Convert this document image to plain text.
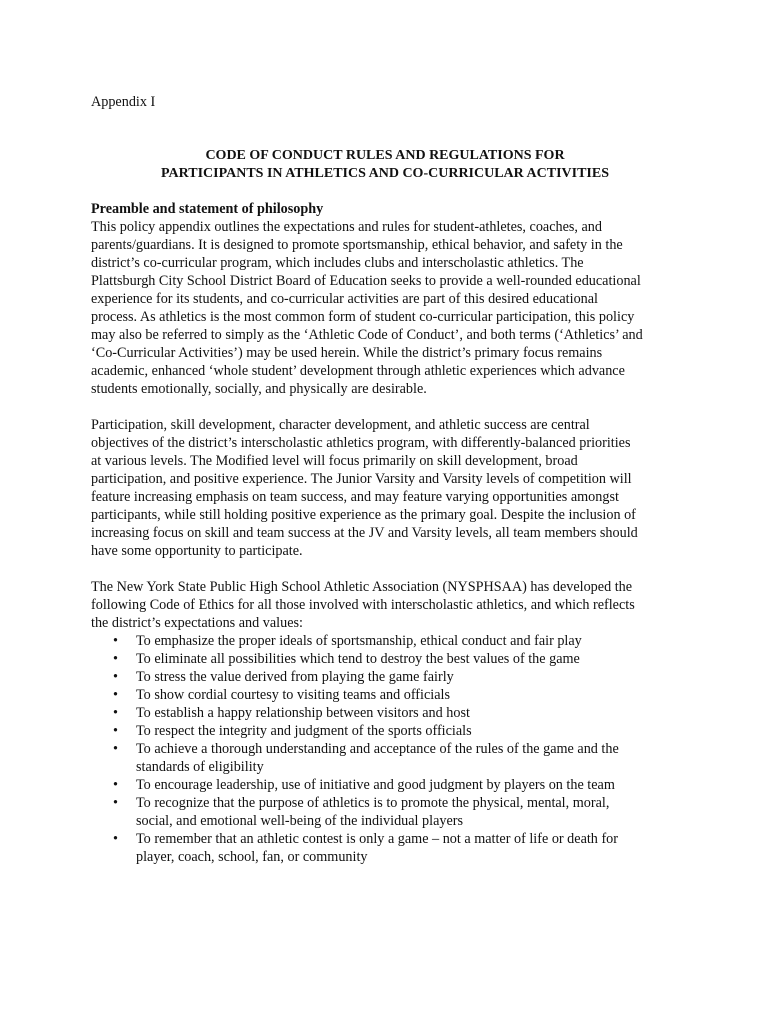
Appendix I
CODE OF CONDUCT RULES AND REGULATIONS FOR
PARTICIPANTS IN ATHLETICS AND CO-CURRICULAR ACTIVITIES
Preamble and statement of philosophy

This policy appendix outlines the expectations and rules for student-athletes, coaches, and
parents/guardians. It is designed to promote sportsmanship, ethical behavior, and safety in the
district’s co-curricular program, which includes clubs and interscholastic athletics. The
Plattsburgh City School District Board of Education seeks to provide a well-rounded educational
experience for its students, and co-curricular activities are part of this desired educational
process. As athletics is the most common form of student co-curricular participation, this policy
may also be referred to simply as the ‘Athletic Code of Conduct’, and both terms (‘Athletics’ and
‘Co-Curricular Activities’) may be used herein. While the district’s primary focus remains
academic, enhanced ‘whole student’ development through athletic experiences which advance
students emotionally, socially, and physically are desirable.

Participation, skill development, character development, and athletic success are central
objectives of the district’s interscholastic athletics program, with differently-balanced priorities
at various levels. The Modified level will focus primarily on skill development, broad
participation, and positive experience. The Junior Varsity and Varsity levels of competition will
feature increasing emphasis on team success, and may feature varying opportunities amongst
participants, while still holding positive experience as the primary goal. Despite the inclusion of
increasing focus on skill and team success at the JV and Varsity levels, all team members should
have some opportunity to participate.

The New York State Public High School Athletic Association (NYSPHSAA) has developed the
following Code of Ethics for all those involved with interscholastic athletics, and which reflects
the district’s expectations and values:

• To emphasize the proper ideals of sportsmanship, ethical conduct and fair play
• To eliminate all possibilities which tend to destroy the best values of the game
• To stress the value derived from playing the game fairly
• To show cordial courtesy to visiting teams and officials
• To establish a happy relationship between visitors and host
• To respect the integrity and judgment of the sports officials
• To achieve a thorough understanding and acceptance of the rules of the game and the
standards of eligibility
• To encourage leadership, use of initiative and good judgment by players on the team
• To recognize that the purpose of athletics is to promote the physical, mental, moral,
social, and emotional well-being of the individual players
• To remember that an athletic contest is only a game – not a matter of life or death for
player, coach, school, fan, or community
